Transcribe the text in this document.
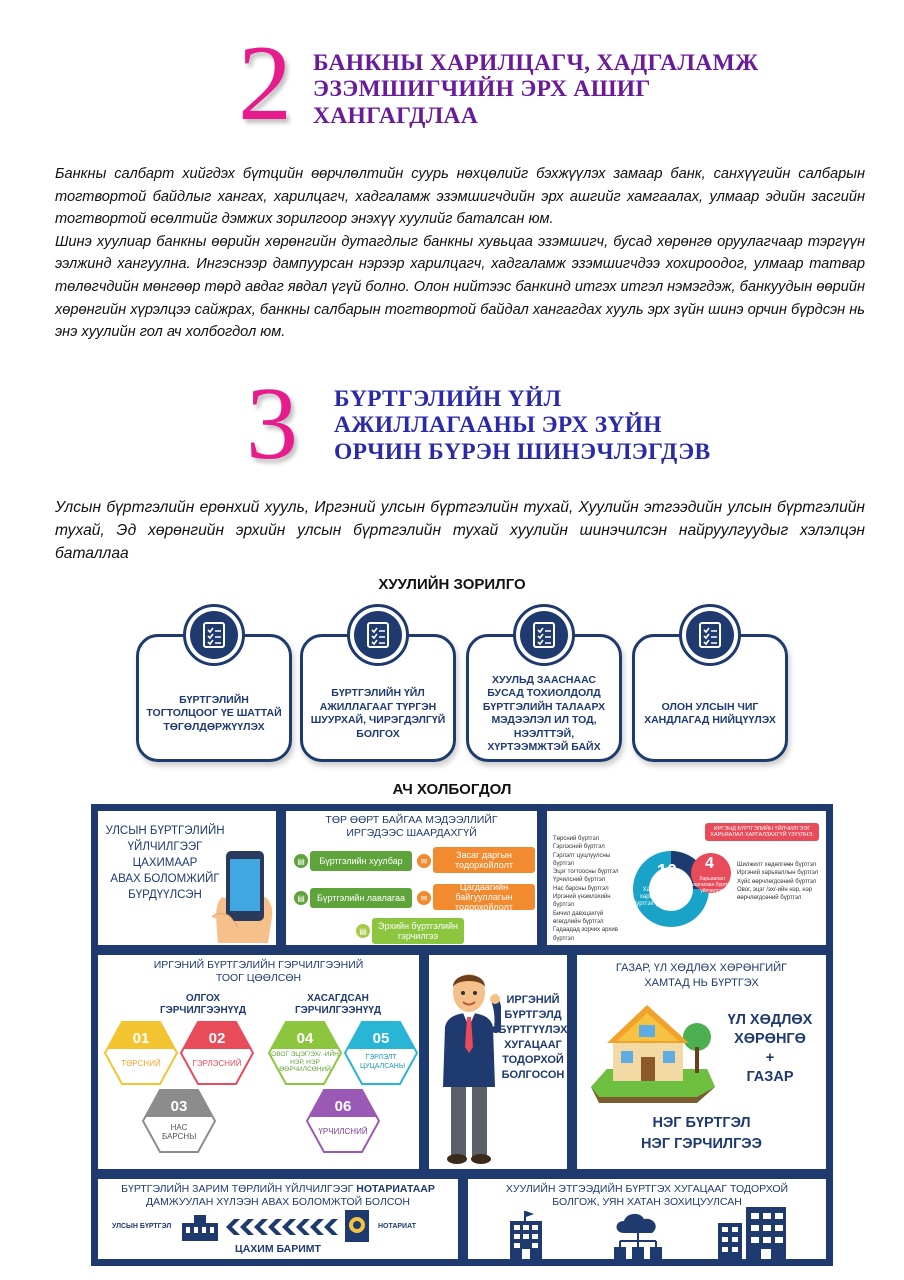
2 БАНКНЫ ХАРИЛЦАГЧ, ХАДГАЛАМЖ
ЭЗЭМШИГЧИЙН ЭРХ АШИГ
ХАНГАГДЛАА

Банкны салбарт хийгдэх бүтцийн өөрчлөлтийн суурь нөхцөлийг бэхжүүлэх замаар банк, санхүүгийн салбарын тогтвортой байдлыг хангах, харилцагч, хадгаламж эзэмшигчдийн эрх ашгийг хамгаалах, улмаар эдийн засгийн тогтвортой өсөлтийг дэмжих зорилгоор энэхүү хуулийг баталсан юм.

Шинэ хуулиар банкны өөрийн хөрөнгийн дутагдлыг банкны хувьцаа эзэмшигч, бусад хөрөнгө оруулагчаар тэргүүн ээлжинд хангуулна. Ингэснээр дампуурсан нэрээр харилцагч, хадгаламж эзэмшигчдээ хохироодог, улмаар татвар төлөгчдийн мөнгөөр төрд авдаг явдал үгүй болно. Олон нийтээс банкинд итгэх итгэл нэмэгдэж, банкуудын өөрийн хөрөнгийн хүрэлцээ сайжрах, банкны салбарын тогтвортой байдал хангагдах хууль эрх зүйн шинэ орчин бүрдсэн нь энэ хуулийн гол ач холбогдол юм.

3 БҮРТГЭЛИЙН ҮЙЛ
АЖИЛЛАГААНЫ ЭРХ ЗҮЙН
ОРЧИН БҮРЭН ШИНЭЧЛЭГДЭВ
Улсын бүртгэлийн ерөнхий хууль, Иргэний улсын бүртгэлийн тухай, Хуулийн этгээдийн улсын бүртгэлийн тухай, Эд хөрөнгийн эрхийн улсын бүртгэлийн тухай хуулийн шинэчилсэн найруулгуудыг хэлэлцэн баталлаа
ХУУЛИЙН ЗОРИЛГО
БҮРТГЭЛИЙН ТОГТОЛЦООГ ҮЕ ШАТТАЙ ТӨГӨЛДӨРЖҮҮЛЭХ
БҮРТГЭЛИЙН ҮЙЛ АЖИЛЛАГААГ ТҮРГЭН ШУУРХАЙ, ЧИРЭГДЭЛГҮЙ БОЛГОХ
ХУУЛЬД ЗААСНААС БУСАД ТОХИОЛДОЛД БҮРТГЭЛИЙН ТАЛААРХ МЭДЭЭЛЭЛ ИЛ ТОД, НЭЭЛТТЭЙ, ХҮРТЭЭМЖТЭЙ БАЙХ
ОЛОН УЛСЫН ЧИГ ХАНДЛАГАД НИЙЦҮҮЛЭХ
АЧ ХОЛБОГДОЛ
УЛСЫН БҮРТГЭЛИЙН
ҮЙЛЧИЛГЭЭГ
ЦАХИМААР
АВАХ БОЛОМЖИЙГ
БҮРДҮҮЛСЭН
ТӨР ӨӨРТ БАЙГАА МЭДЭЭЛЛИЙГ
ИРГЭДЭЭС ШААРДАХГҮЙ
▤	Бүртгэлийн хуулбар	✉
Засаг даргын тодорхойлолт
▤	Бүртгэлийн лавлагаа	✉
Цагдаагийн байгууллагын тодорхойлолт
▤	Эрхийн бүртгэлийн гэрчилгээ
ИРГЭНД БҮРТГЭЛИЙН ҮЙЛЧИЛГЭЭГ ХАРЬЯАЛАЛ ХАРГАЛЗАХГҮЙ ҮЗҮҮЛНЭ.
Төрсний бүртгэл
Гэрлэсний бүртгэл
Гэрлэлт цуцлуулсны бүртгэл
Эцэг тогтоосны бүртгэл
Үрчилсний бүртгэл
Нас барсны бүртгэл
Иргэний үнэмлэхийн бүртгэл
Бичил давхцахгүй өгөгдлийн бүртгэл
Гадаадад зорчих архив бүртгэл
10
Харьяалал харгалзахгүй бүртгэх үйлчилгээ
4
Харьяалал харгалзан бүртгэх үйлчилгээ
Шилжилт хөдөлгөөн бүртгэл
Иргэний харьяаллын бүртгэл
Хүйс өөрчлөгдсөний бүртгэл
Овог, эцэг /эх/-ийн нэр, нэр өөрчлөгдсөний бүртгэл
ИРГЭНИЙ БҮРТГЭЛИЙН ГЭРЧИЛГЭЭНИЙ
ТООГ ЦӨӨЛСӨН
ОЛГОХ
ГЭРЧИЛГЭЭНҮҮД
ХАСАГДСАН
ГЭРЧИЛГЭЭНҮҮД
01
ТӨРСНИЙ
02
ГЭРЛЭСНИЙ
03
НАС БАРСНЫ
04
ОВОГ ЭЦЭГ/ЭХ/ -ИЙН НЭР, НЭР ӨӨРЧИЛСӨНИЙ
05
ГЭРЛЭЛТ ЦУЦАЛСАНЫ
06
ҮРЧИЛСНИЙ
ИРГЭНИЙ
БҮРТГЭЛД
БҮРТГҮҮЛЭХ
ХУГАЦААГ
ТОДОРХОЙ
БОЛГОСОН
ГАЗАР, ҮЛ ХӨДЛӨХ ХӨРӨНГИЙГ
ХАМТАД НЬ БҮРТГЭХ
ҮЛ ХӨДЛӨХ
ХӨРӨНГӨ
+
ГАЗАР
НЭГ БҮРТГЭЛ
НЭГ ГЭРЧИЛГЭЭ
БҮРТГЭЛИЙН ЗАРИМ ТӨРЛИЙН ҮЙЛЧИЛГЭЭГ НОТАРИАТААР
ДАМЖУУЛАН ХҮЛЭЭН АВАХ БОЛОМЖТОЙ БОЛСОН
УЛСЫН БҮРТГЭЛ	НОТАРИАТ
ЦАХИМ БАРИМТ
ХУУЛИЙН ЭТГЭЭДИЙН БҮРТГЭХ ХУГАЦААГ ТОДОРХОЙ
БОЛГОЖ, УЯН ХАТАН ЗОХИЦУУЛСАН
